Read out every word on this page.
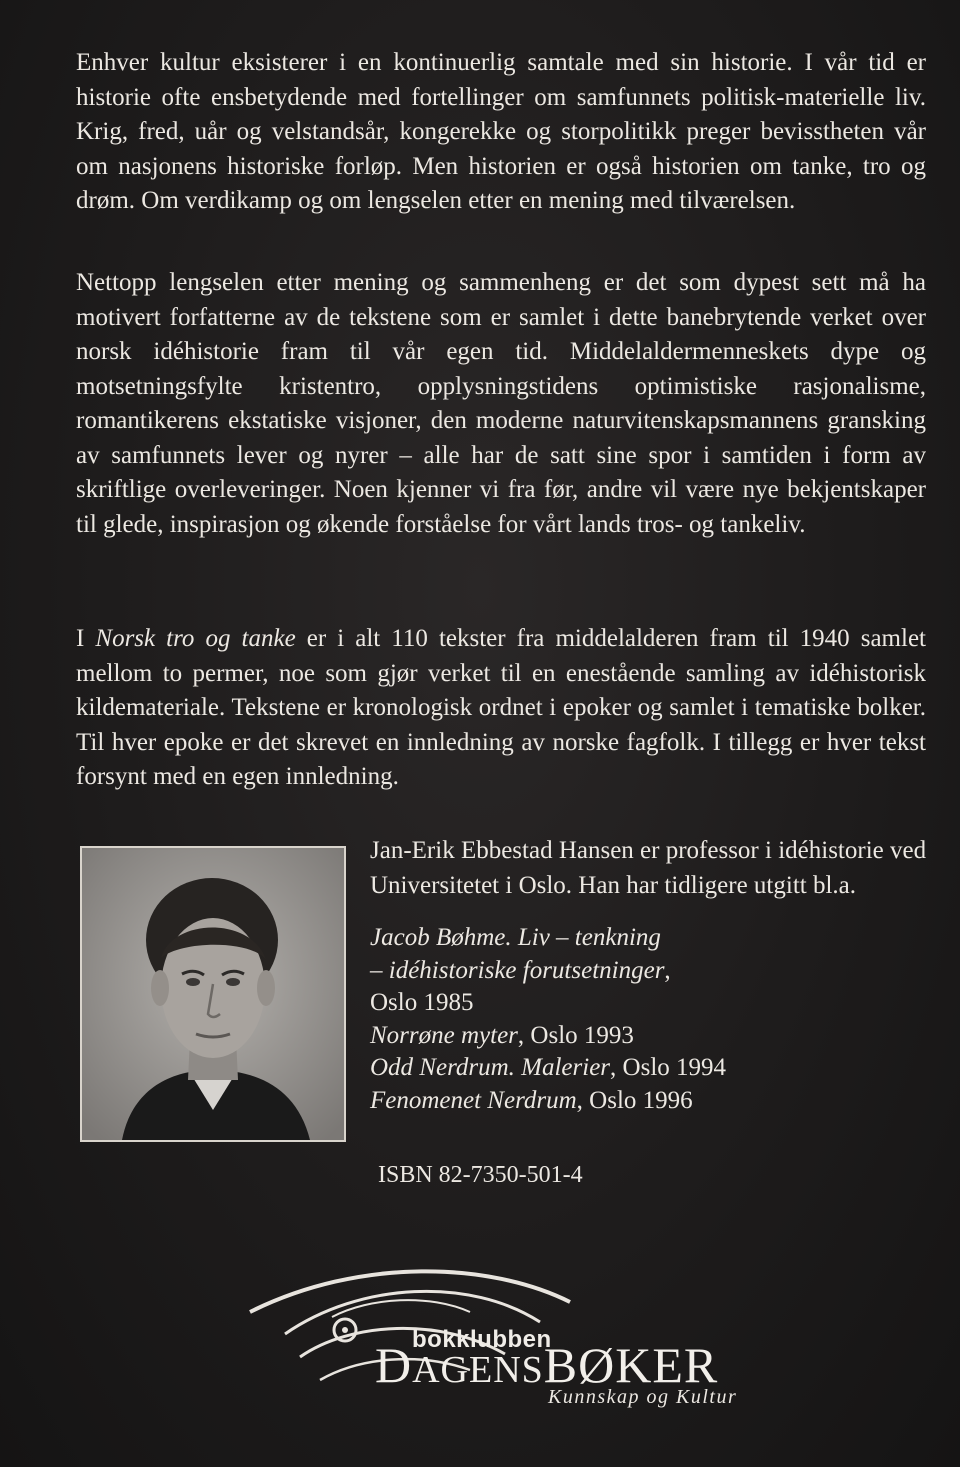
Enhver kultur eksisterer i en kontinuerlig samtale med sin historie. I vår tid er historie ofte ensbetydende med fortellinger om samfunnets politisk-materielle liv. Krig, fred, uår og velstandsår, kongerekke og storpolitikk preger bevisstheten vår om nasjonens historiske forløp. Men historien er også historien om tanke, tro og drøm. Om verdikamp og om lengselen etter en mening med tilværelsen.

Nettopp lengselen etter mening og sammenheng er det som dypest sett må ha motivert forfatterne av de tekstene som er samlet i dette banebrytende verket over norsk idéhistorie fram til vår egen tid. Middelaldermenneskets dype og motsetningsfylte kristentro, opplysningstidens optimistiske rasjonalisme, romantikerens ekstatiske visjoner, den moderne naturvitenskapsmannens gransking av samfunnets lever og nyrer – alle har de satt sine spor i samtiden i form av skriftlige overleveringer. Noen kjenner vi fra før, andre vil være nye bekjentskaper til glede, inspirasjon og økende forståelse for vårt lands tros- og tankeliv.

I Norsk tro og tanke er i alt 110 tekster fra middelalderen fram til 1940 samlet mellom to permer, noe som gjør verket til en enestående samling av idéhistorisk kildemateriale. Tekstene er kronologisk ordnet i epoker og samlet i tematiske bolker. Til hver epoke er det skrevet en innledning av norske fagfolk. I tillegg er hver tekst forsynt med en egen innledning.

Jan-Erik Ebbestad Hansen er professor i idéhistorie ved Universitetet i Oslo. Han har tidligere utgitt bl.a.

Jacob Bøhme. Liv – tenkning
– idéhistoriske forutsetninger,
Oslo 1985
Norrøne myter, Oslo 1993
Odd Nerdrum. Malerier, Oslo 1994
Fenomenet Nerdrum, Oslo 1996
ISBN 82-7350-501-4
bokklubben
DAGENSBØKER
Kunnskap og Kultur
